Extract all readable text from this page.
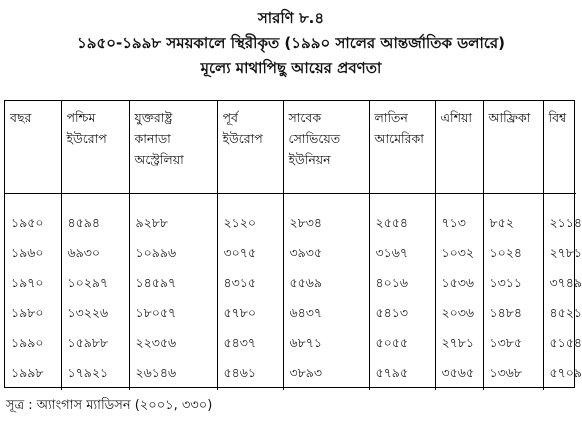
সারণি ৮.৪
১৯৫০-১৯৯৮ সময়কালে স্থিরীকৃত (১৯৯০ সালের আন্তর্জাতিক ডলারে)
মূল্যে মাথাপিছু আয়ের প্রবণতা
বছর	পশ্চিম ইউরোপ	যুক্তরাষ্ট্র কানাডা অস্ট্রেলিয়া	পূর্ব ইউরোপ	সাবেক সোভিয়েত ইউনিয়ন	লাতিন আমেরিকা	এশিয়া	আফ্রিকা	বিশ্ব
১৯৫০	৪৫৯৪	৯২৮৮	২১২০	২৮৩৪	২৫৫৪	৭১৩	৮৫২	২১১৪
১৯৬০	৬৯৩০	১০৯৯৬	৩০৭৫	৩৯৩৫	৩১৬৭	১০৩২	১০২৪	২৭৮১
১৯৭০	১০২৯৭	১৪৫৯৭	৪৩১৫	৫৫৬৯	৪০১৬	১৫৩৬	১৩১১	৩৭৪৯
১৯৮০	১৩২২৬	১৮০৫৭	৫৭৮০	৬৪৩৭	৫৪১৩	২০৩৬	১৪৮৪	৪৫২১
১৯৯০	১৫৯৮৮	২২৩৫৬	৫৪৩৭	৬৮৭১	৫০৫৫	২৭৮১	১৩৮৫	৫১৫৪
১৯৯৮	১৭৯২১	২৬১৪৬	৫৪৬১	৩৮৯৩	৫৭৯৫	৩৫৬৫	১৩৬৮	৫৭০৯
সূত্র : অ্যাংগাস ম্যাডিসন (২০০১, ৩৩০)
